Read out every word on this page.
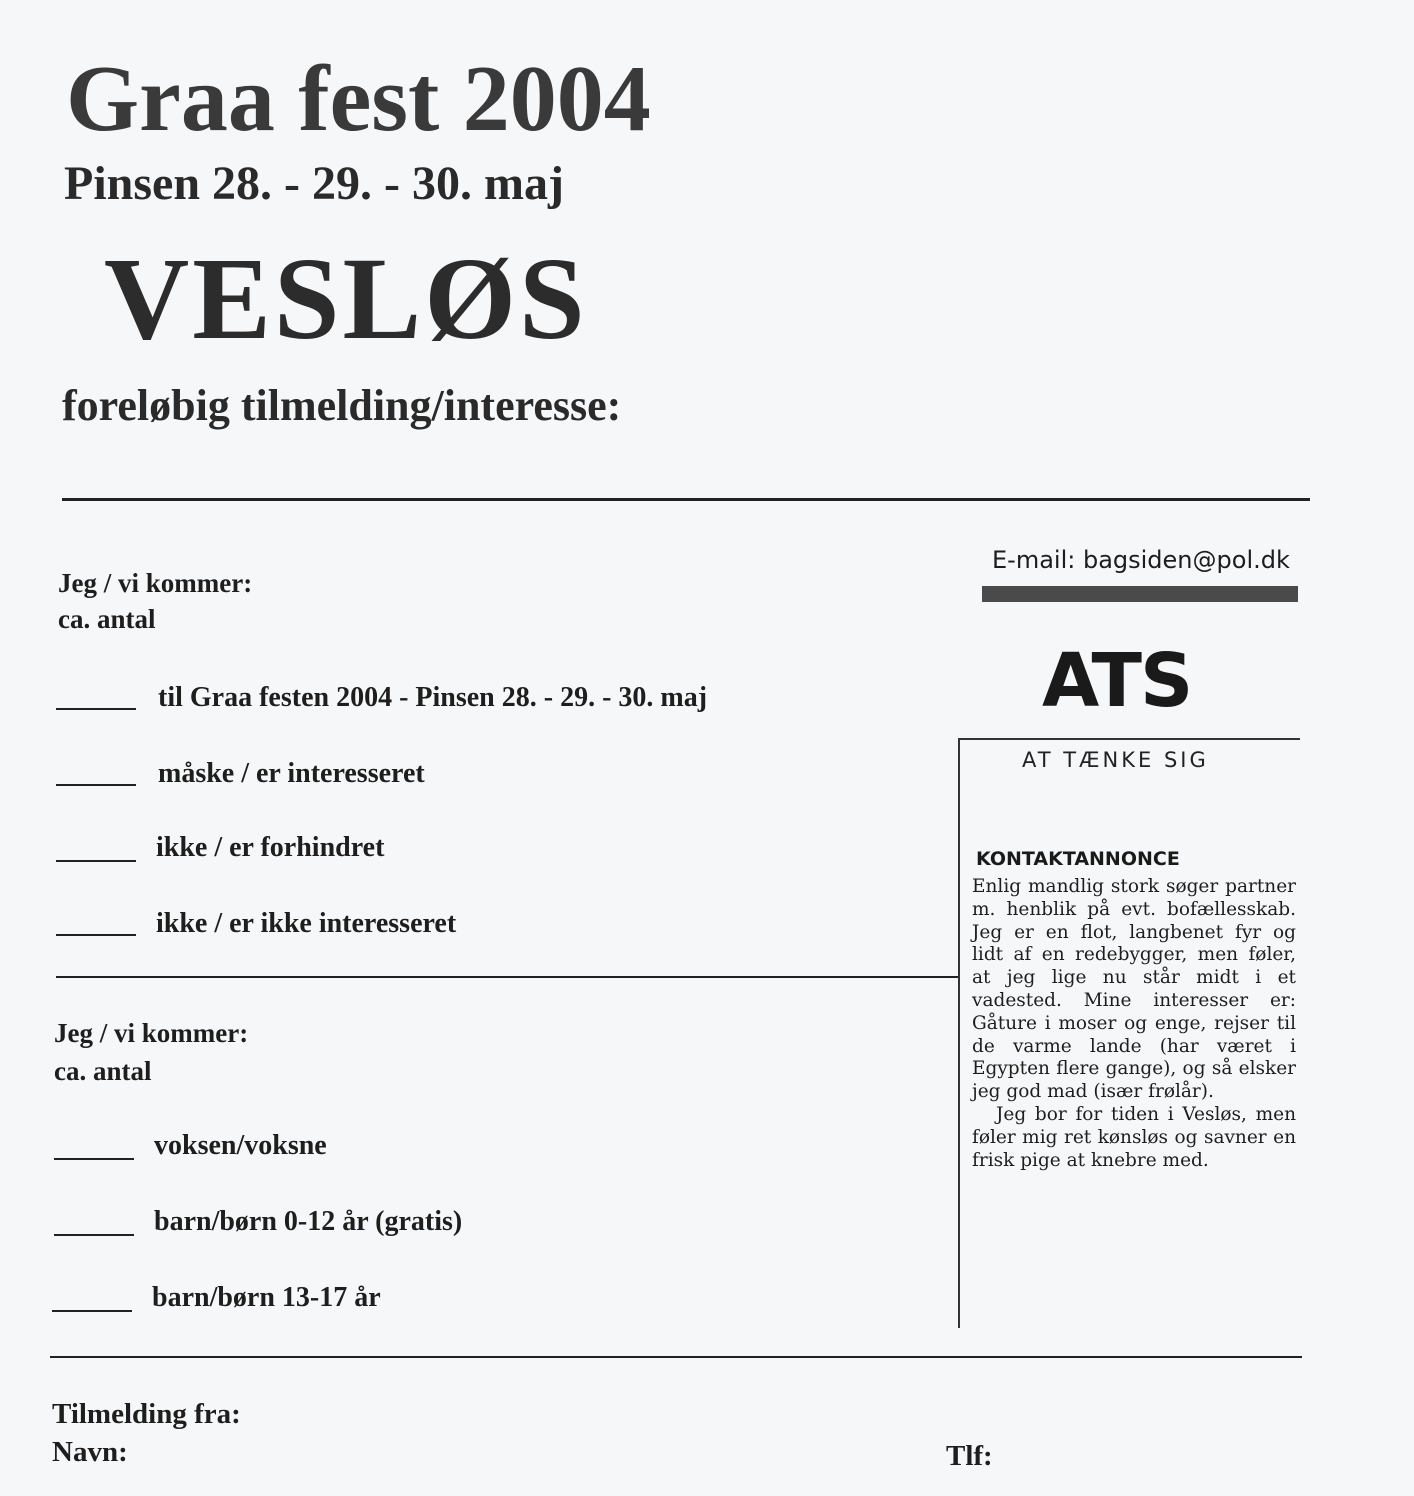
Graa fest 2004
Pinsen 28. - 29. - 30. maj
VESLØS
foreløbig tilmelding/interesse:
Jeg / vi kommer:
ca. antal
til Graa festen 2004 - Pinsen 28. - 29. - 30. maj
måske / er interesseret
ikke / er forhindret
ikke / er ikke interesseret
Jeg / vi kommer:
ca. antal
voksen/voksne
barn/børn 0-12 år (gratis)
barn/børn 13-17 år
E-mail: bagsiden@pol.dk
ATS
AT TÆNKE SIG
KONTAKTANNONCE

Enlig mandlig stork søger partner m. henblik på evt. bofællesskab. Jeg er en flot, langbenet fyr og lidt af en redebygger, men føler, at jeg lige nu står midt i et vadested. Mine interesser er: Gåture i moser og enge, rejser til de varme lande (har været i Egypten flere gange), og så elsker jeg god mad (især frølår).

Jeg bor for tiden i Vesløs, men føler mig ret kønsløs og savner en frisk pige at knebre med.

Tilmelding fra:
Navn:	Tlf:
